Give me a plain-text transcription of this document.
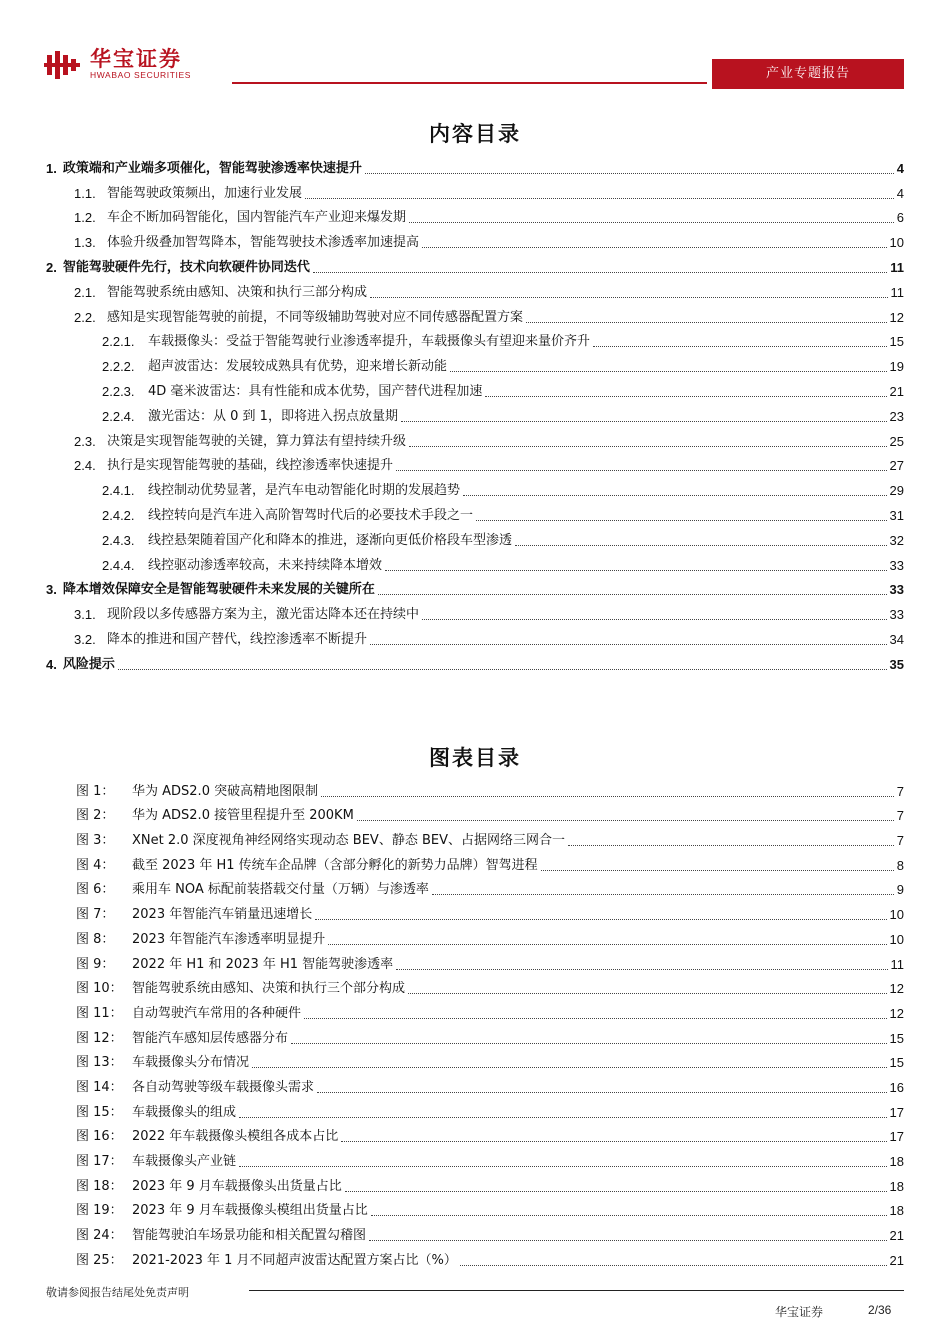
华宝证券
HWABAO SECURITIES	产业专题报告
内容目录
1. 政策端和产业端多项催化，智能驾驶渗透率快速提升	4
1.1. 智能驾驶政策频出，加速行业发展	4
1.2. 车企不断加码智能化，国内智能汽车产业迎来爆发期	6
1.3. 体验升级叠加智驾降本，智能驾驶技术渗透率加速提高	10
2. 智能驾驶硬件先行，技术向软硬件协同迭代	11
2.1. 智能驾驶系统由感知、决策和执行三部分构成	11
2.2. 感知是实现智能驾驶的前提，不同等级辅助驾驶对应不同传感器配置方案	12
2.2.1.	车载摄像头：受益于智能驾驶行业渗透率提升，车载摄像头有望迎来量价齐升	15
2.2.2.	超声波雷达：发展较成熟具有优势，迎来增长新动能	19
2.2.3.	4D 毫米波雷达：具有性能和成本优势，国产替代进程加速	21
2.2.4.	激光雷达：从 0 到 1，即将进入拐点放量期	23
2.3. 决策是实现智能驾驶的关键，算力算法有望持续升级	25
2.4. 执行是实现智能驾驶的基础，线控渗透率快速提升	27
2.4.1.	线控制动优势显著，是汽车电动智能化时期的发展趋势	29
2.4.2.	线控转向是汽车进入高阶智驾时代后的必要技术手段之一	31
2.4.3.	线控悬架随着国产化和降本的推进，逐渐向更低价格段车型渗透	32
2.4.4.	线控驱动渗透率较高，未来持续降本增效	33
3. 降本增效保障安全是智能驾驶硬件未来发展的关键所在	33
3.1. 现阶段以多传感器方案为主，激光雷达降本还在持续中	33
3.2. 降本的推进和国产替代，线控渗透率不断提升	34
4. 风险提示	35
图表目录
图 1：	华为 ADS2.0 突破高精地图限制	7
图 2：	华为 ADS2.0 接管里程提升至 200KM	7
图 3：	XNet 2.0 深度视角神经网络实现动态 BEV、静态 BEV、占据网络三网合一	7
图 4：	截至 2023 年 H1 传统车企品牌（含部分孵化的新势力品牌）智驾进程	8
图 6：	乘用车 NOA 标配前装搭载交付量（万辆）与渗透率	9
图 7：	2023 年智能汽车销量迅速增长	10
图 8：	2023 年智能汽车渗透率明显提升	10
图 9：	2022 年 H1 和 2023 年 H1 智能驾驶渗透率	11
图 10： 智能驾驶系统由感知、决策和执行三个部分构成	12
图 11： 自动驾驶汽车常用的各种硬件	12
图 12： 智能汽车感知层传感器分布	15
图 13： 车载摄像头分布情况	15
图 14： 各自动驾驶等级车载摄像头需求	16
图 15： 车载摄像头的组成	17
图 16： 2022 年车载摄像头模组各成本占比	17
图 17： 车载摄像头产业链	18
图 18： 2023 年 9 月车载摄像头出货量占比	18
图 19： 2023 年 9 月车载摄像头模组出货量占比	18
图 24： 智能驾驶泊车场景功能和相关配置勾稽图	21
图 25： 2021-2023 年 1 月不同超声波雷达配置方案占比（%）	21
敬请参阅报告结尾处免责声明
华宝证券	2/36
